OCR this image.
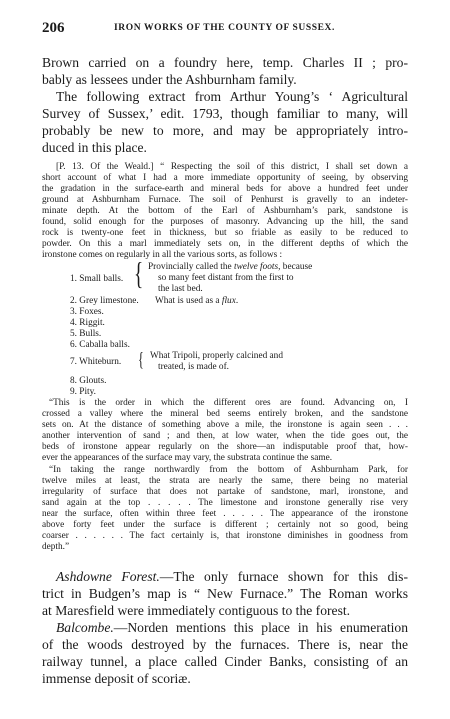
206	IRON WORKS OF THE COUNTY OF SUSSEX.
Brown carried on a foundry here, temp. Charles II ; pro-
bably as lessees under the Ashburnham family.
The following extract from Arthur Young’s ‘ Agricultural
Survey of Sussex,’ edit. 1793, though familiar to many, will
probably be new to more, and may be appropriately intro-
duced in this place.
[P. 13. Of the Weald.] “ Respecting the soil of this district, I shall set down a
short account of what I had a more immediate opportunity of seeing, by observing
the gradation in the surface-earth and mineral beds for above a hundred feet under
ground at Ashburnham Furnace. The soil of Penhurst is gravelly to an indeter-
minate depth. At the bottom of the Earl of Ashburnham’s park, sandstone is
found, solid enough for the purposes of masonry. Advancing up the hill, the sand
rock is twenty-one feet in thickness, but so friable as easily to be reduced to
powder. On this a marl immediately sets on, in the different depths of which the
ironstone comes on regularly in all the various sorts, as follows :
1. Small balls. { Provincially called the twelve foots, because
so many feet distant from the first to
the last bed.
2. Grey limestone. What is used as a flux.
3. Foxes.
4. Riggit.
5. Bulls.
6. Caballa balls.
7. Whiteburn. { What Tripoli, properly calcined and
treated, is made of.
8. Glouts.
9. Pity.
“This is the order in which the different ores are found. Advancing on, I
crossed a valley where the mineral bed seems entirely broken, and the sandstone
sets on. At the distance of something above a mile, the ironstone is again seen . . .
another intervention of sand ; and then, at low water, when the tide goes out, the
beds of ironstone appear regularly on the shore—an indisputable proof that, how-
ever the appearances of the surface may vary, the substrata continue the same.
“In taking the range northwardly from the bottom of Ashburnham Park, for
twelve miles at least, the strata are nearly the same, there being no material
irregularity of surface that does not partake of sandstone, marl, ironstone, and
sand again at the top . . . . . The limestone and ironstone generally rise very
near the surface, often within three feet . . . . . The appearance of the ironstone
above forty feet under the surface is different ; certainly not so good, being
coarser . . . . . . The fact certainly is, that ironstone diminishes in goodness from
depth.”
Ashdowne Forest.—The only furnace shown for this dis-
trict in Budgen’s map is “ New Furnace.” The Roman works
at Maresfield were immediately contiguous to the forest.
Balcombe.—Norden mentions this place in his enumeration
of the woods destroyed by the furnaces. There is, near the
railway tunnel, a place called Cinder Banks, consisting of an
immense deposit of scoriæ.
